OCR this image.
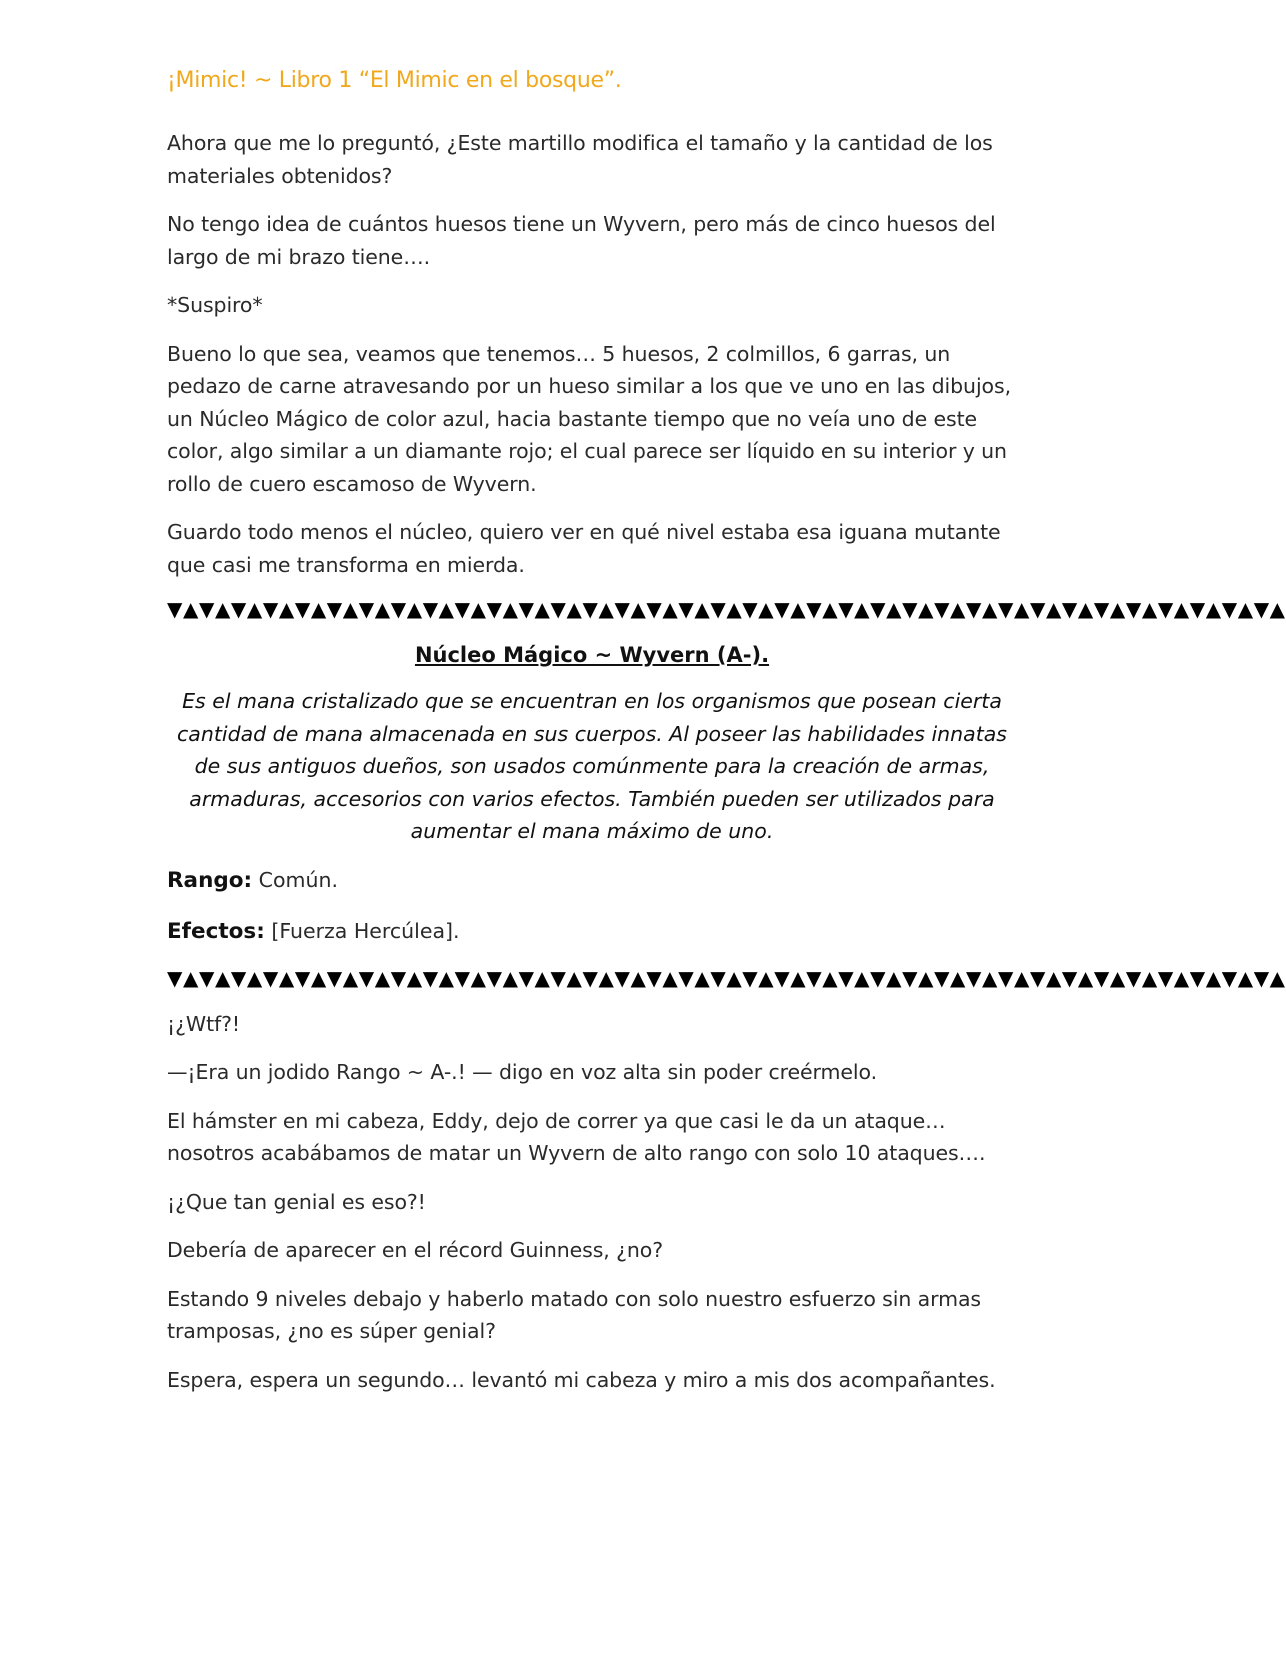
¡Mimic! ~ Libro 1 “El Mimic en el bosque”.

Ahora que me lo preguntó, ¿Este martillo modifica el tamaño y la cantidad de los materiales obtenidos?

No tengo idea de cuántos huesos tiene un Wyvern, pero más de cinco huesos del largo de mi brazo tiene….

*Suspiro*

Bueno lo que sea, veamos que tenemos… 5 huesos, 2 colmillos, 6 garras, un pedazo de carne atravesando por un hueso similar a los que ve uno en las dibujos, un Núcleo Mágico de color azul, hacia bastante tiempo que no veía uno de este color, algo similar a un diamante rojo; el cual parece ser líquido en su interior y un rollo de cuero escamoso de Wyvern.

Guardo todo menos el núcleo, quiero ver en qué nivel estaba esa iguana mutante que casi me transforma en mierda.

▼▲▼▲▼▲▼▲▼▲▼▲▼▲▼▲▼▲▼▲▼▲▼▲▼▲▼▲▼▲▼▲▼▲▼▲▼▲▼▲▼▲▼▲▼▲▼▲▼▲▼▲▼▲▼▲▼▲▼▲▼▲▼▲▼▲▼▲▼▲
Núcleo Mágico ~ Wyvern (A-).
Es el mana cristalizado que se encuentran en los organismos que posean cierta cantidad de mana almacenada en sus cuerpos. Al poseer las habilidades innatas de sus antiguos dueños, son usados comúnmente para la creación de armas, armaduras, accesorios con varios efectos. También pueden ser utilizados para aumentar el mana máximo de uno.
Rango: Común.
Efectos: [Fuerza Hercúlea].
▼▲▼▲▼▲▼▲▼▲▼▲▼▲▼▲▼▲▼▲▼▲▼▲▼▲▼▲▼▲▼▲▼▲▼▲▼▲▼▲▼▲▼▲▼▲▼▲▼▲▼▲▼▲▼▲▼▲▼▲▼▲▼▲▼▲▼▲▼▲

¡¿Wtf?!

—¡Era un jodido Rango ~ A-.! — digo en voz alta sin poder creérmelo.

El hámster en mi cabeza, Eddy, dejo de correr ya que casi le da un ataque… nosotros acabábamos de matar un Wyvern de alto rango con solo 10 ataques….

¡¿Que tan genial es eso?!

Debería de aparecer en el récord Guinness, ¿no?

Estando 9 niveles debajo y haberlo matado con solo nuestro esfuerzo sin armas tramposas, ¿no es súper genial?

Espera, espera un segundo… levantó mi cabeza y miro a mis dos acompañantes.
